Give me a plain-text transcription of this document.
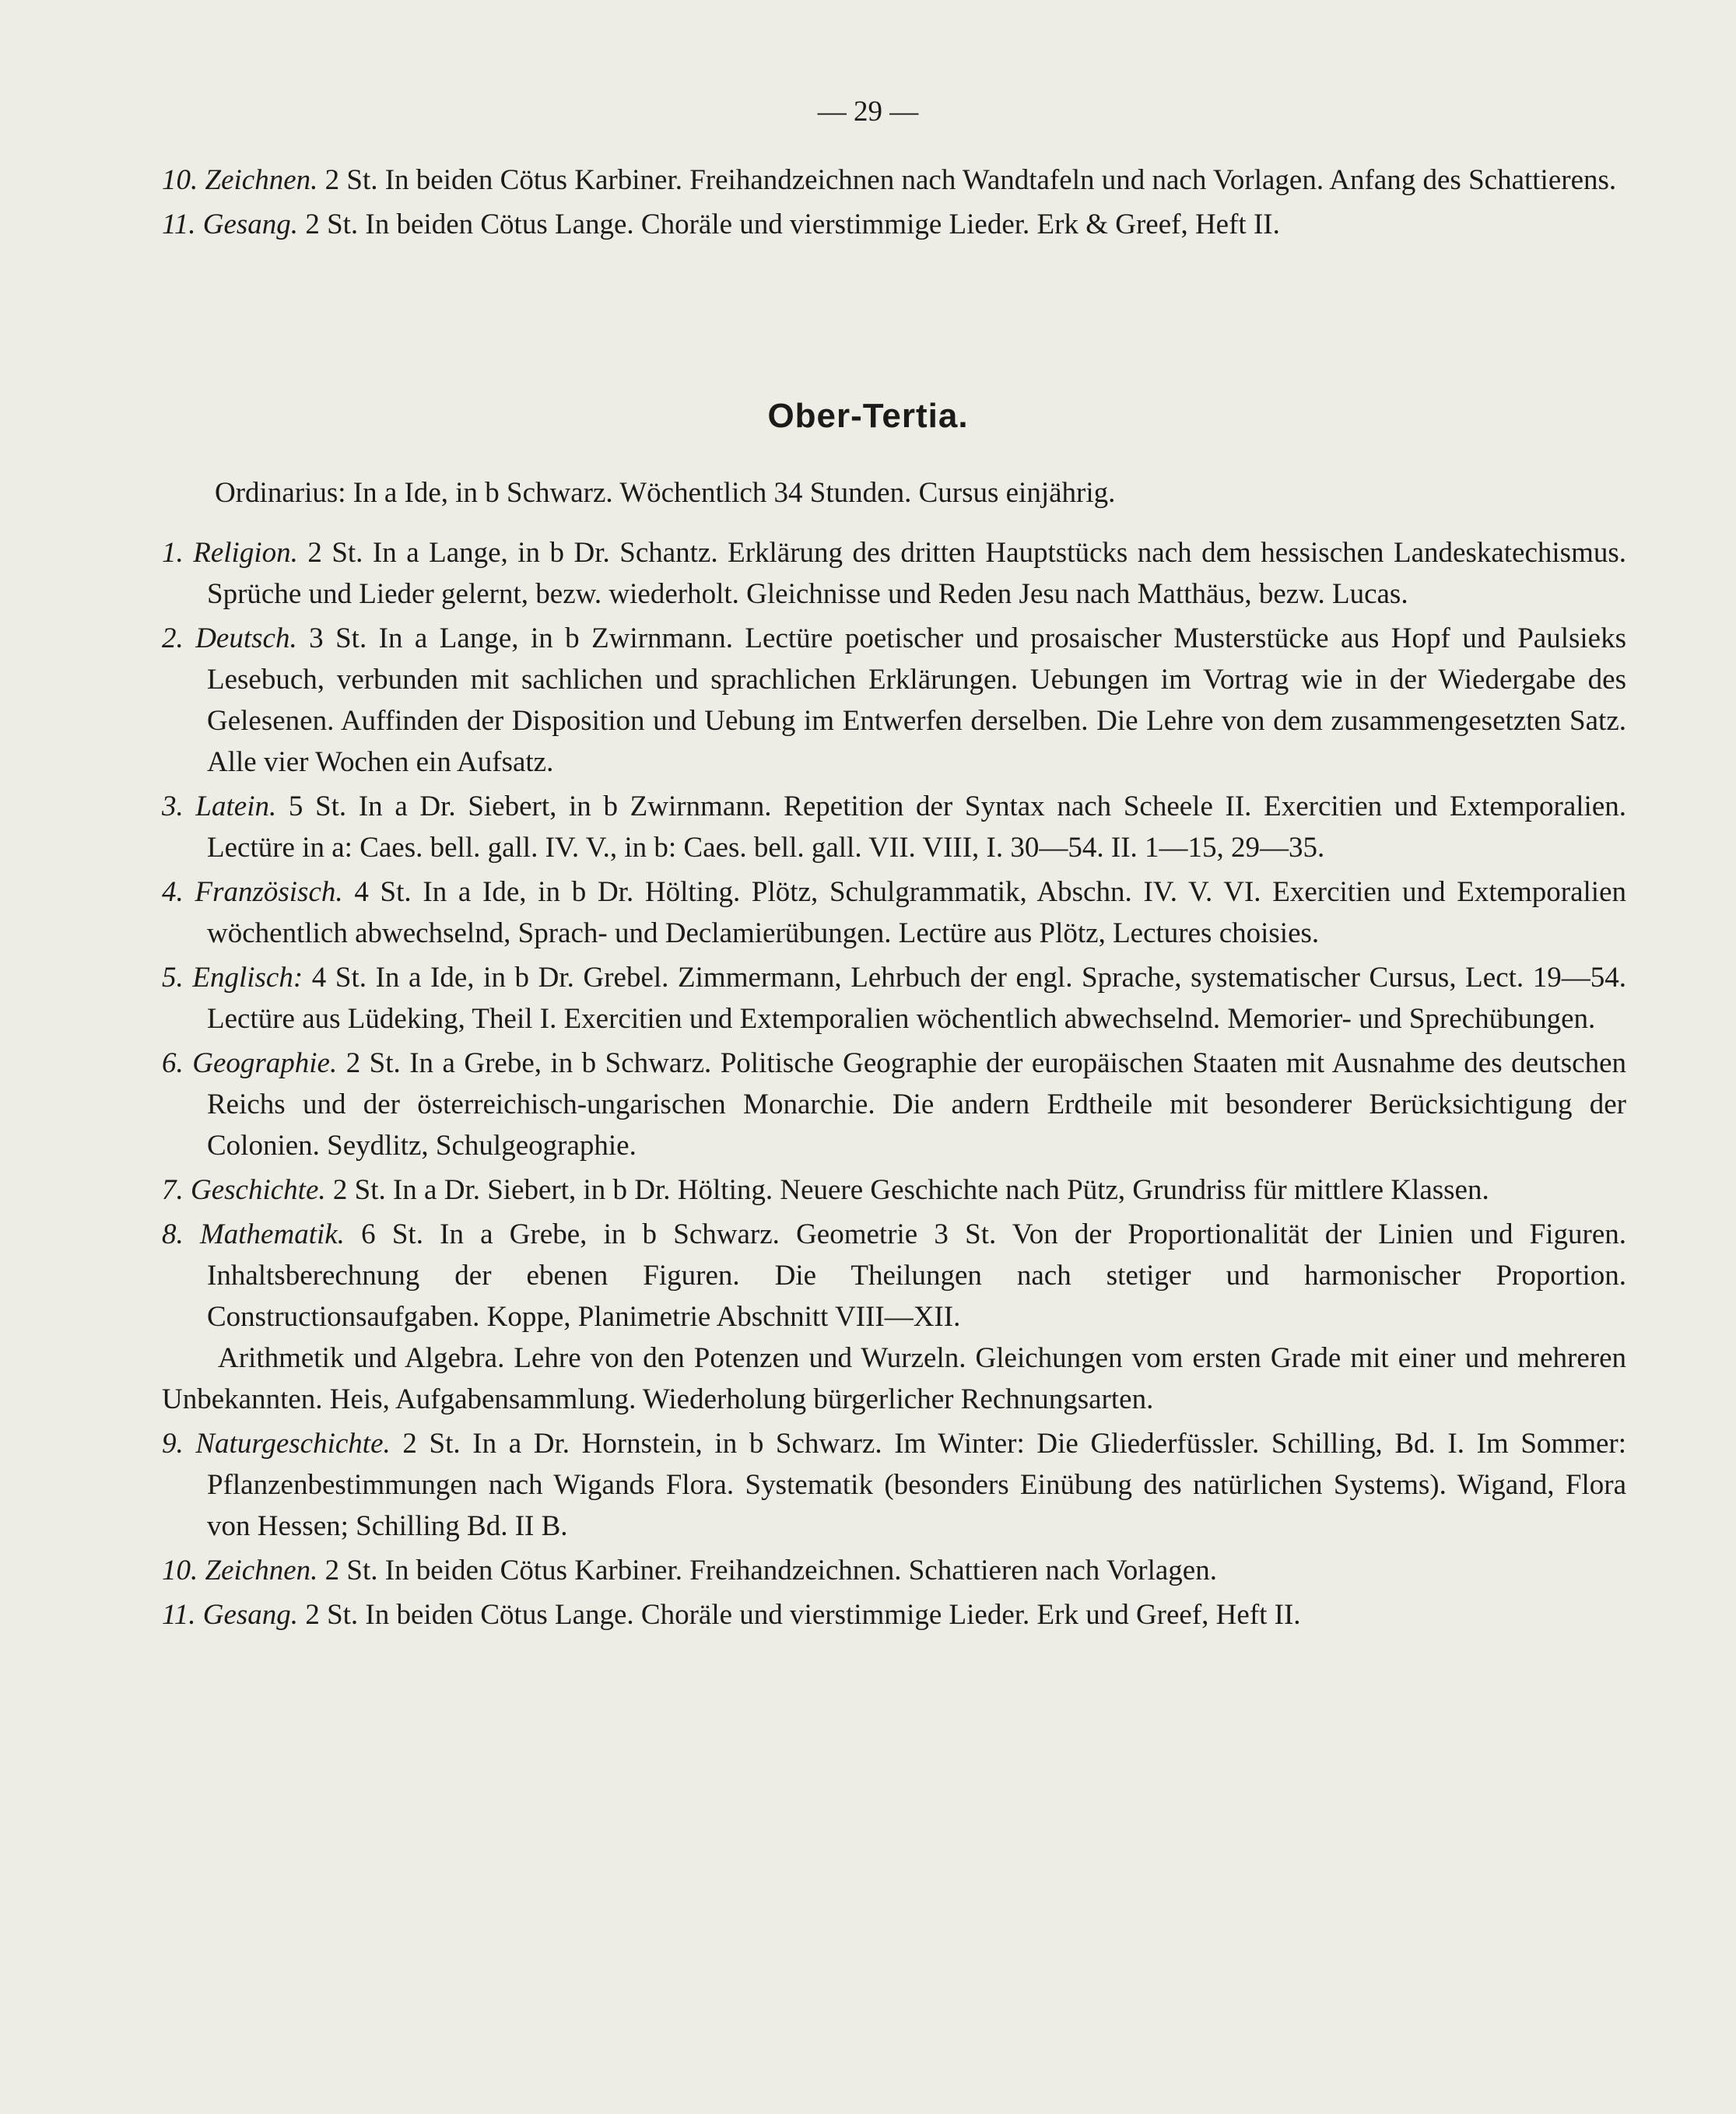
— 29 —
10. Zeichnen. 2 St. In beiden Cötus Karbiner. Freihandzeichnen nach Wandtafeln und nach Vorlagen. Anfang des Schattierens.
11. Gesang. 2 St. In beiden Cötus Lange. Choräle und vierstimmige Lieder. Erk & Greef, Heft II.
Ober-Tertia.
Ordinarius: In a Ide, in b Schwarz. Wöchentlich 34 Stunden. Cursus einjährig.
1. Religion. 2 St. In a Lange, in b Dr. Schantz. Erklärung des dritten Hauptstücks nach dem hessischen Landeskatechismus. Sprüche und Lieder gelernt, bezw. wiederholt. Gleichnisse und Reden Jesu nach Matthäus, bezw. Lucas.
2. Deutsch. 3 St. In a Lange, in b Zwirnmann. Lectüre poetischer und prosaischer Musterstücke aus Hopf und Paulsieks Lesebuch, verbunden mit sachlichen und sprachlichen Erklärungen. Uebungen im Vortrag wie in der Wiedergabe des Gelesenen. Auffinden der Disposition und Uebung im Entwerfen derselben. Die Lehre von dem zusammengesetzten Satz. Alle vier Wochen ein Aufsatz.
3. Latein. 5 St. In a Dr. Siebert, in b Zwirnmann. Repetition der Syntax nach Scheele II. Exercitien und Extemporalien. Lectüre in a: Caes. bell. gall. IV. V., in b: Caes. bell. gall. VII. VIII, I. 30—54. II. 1—15, 29—35.
4. Französisch. 4 St. In a Ide, in b Dr. Hölting. Plötz, Schulgrammatik, Abschn. IV. V. VI. Exercitien und Extemporalien wöchentlich abwechselnd, Sprach- und Declamierübungen. Lectüre aus Plötz, Lectures choisies.
5. Englisch: 4 St. In a Ide, in b Dr. Grebel. Zimmermann, Lehrbuch der engl. Sprache, systematischer Cursus, Lect. 19—54. Lectüre aus Lüdeking, Theil I. Exercitien und Extemporalien wöchentlich abwechselnd. Memorier- und Sprechübungen.
6. Geographie. 2 St. In a Grebe, in b Schwarz. Politische Geographie der europäischen Staaten mit Ausnahme des deutschen Reichs und der österreichisch-ungarischen Monarchie. Die andern Erdtheile mit besonderer Berücksichtigung der Colonien. Seydlitz, Schulgeographie.
7. Geschichte. 2 St. In a Dr. Siebert, in b Dr. Hölting. Neuere Geschichte nach Pütz, Grundriss für mittlere Klassen.
8. Mathematik. 6 St. In a Grebe, in b Schwarz. Geometrie 3 St. Von der Proportionalität der Linien und Figuren. Inhaltsberechnung der ebenen Figuren. Die Theilungen nach stetiger und harmonischer Proportion. Constructionsaufgaben. Koppe, Planimetrie Abschnitt VIII—XII.
Arithmetik und Algebra. Lehre von den Potenzen und Wurzeln. Gleichungen vom ersten Grade mit einer und mehreren Unbekannten. Heis, Aufgabensammlung. Wiederholung bürgerlicher Rechnungsarten.
9. Naturgeschichte. 2 St. In a Dr. Hornstein, in b Schwarz. Im Winter: Die Gliederfüssler. Schilling, Bd. I. Im Sommer: Pflanzenbestimmungen nach Wigands Flora. Systematik (besonders Einübung des natürlichen Systems). Wigand, Flora von Hessen; Schilling Bd. II B.
10. Zeichnen. 2 St. In beiden Cötus Karbiner. Freihandzeichnen. Schattieren nach Vorlagen.
11. Gesang. 2 St. In beiden Cötus Lange. Choräle und vierstimmige Lieder. Erk und Greef, Heft II.
